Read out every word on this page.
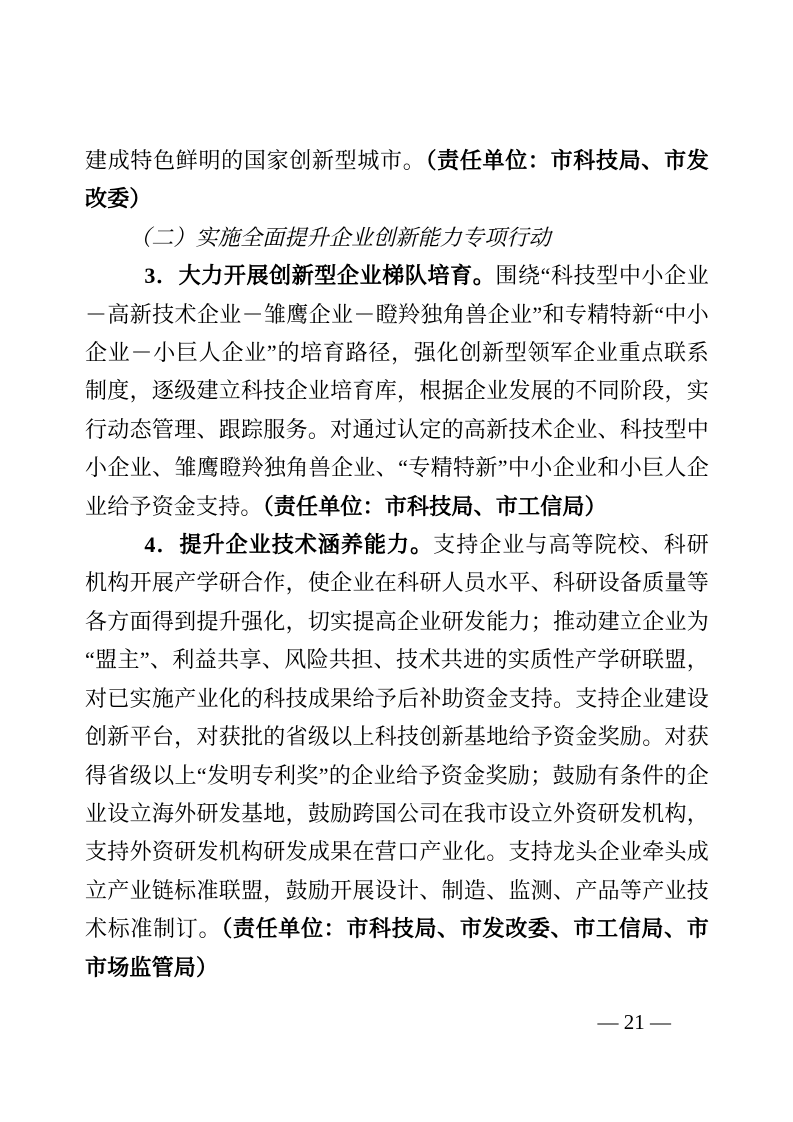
建成特色鲜明的国家创新型城市。（责任单位：市科技局、市发改委）

（二）实施全面提升企业创新能力专项行动

3．大力开展创新型企业梯队培育。围绕“科技型中小企业－高新技术企业－雏鹰企业－瞪羚独角兽企业”和专精特新“中小企业－小巨人企业”的培育路径，强化创新型领军企业重点联系制度，逐级建立科技企业培育库，根据企业发展的不同阶段，实行动态管理、跟踪服务。对通过认定的高新技术企业、科技型中小企业、雏鹰瞪羚独角兽企业、“专精特新”中小企业和小巨人企业给予资金支持。（责任单位：市科技局、市工信局）

4．提升企业技术涵养能力。支持企业与高等院校、科研机构开展产学研合作，使企业在科研人员水平、科研设备质量等各方面得到提升强化，切实提高企业研发能力；推动建立企业为“盟主”、利益共享、风险共担、技术共进的实质性产学研联盟，对已实施产业化的科技成果给予后补助资金支持。支持企业建设创新平台，对获批的省级以上科技创新基地给予资金奖励。对获得省级以上“发明专利奖”的企业给予资金奖励；鼓励有条件的企业设立海外研发基地，鼓励跨国公司在我市设立外资研发机构，支持外资研发机构研发成果在营口产业化。支持龙头企业牵头成立产业链标准联盟，鼓励开展设计、制造、监测、产品等产业技术标准制订。（责任单位：市科技局、市发改委、市工信局、市市场监管局）

— 21 —
